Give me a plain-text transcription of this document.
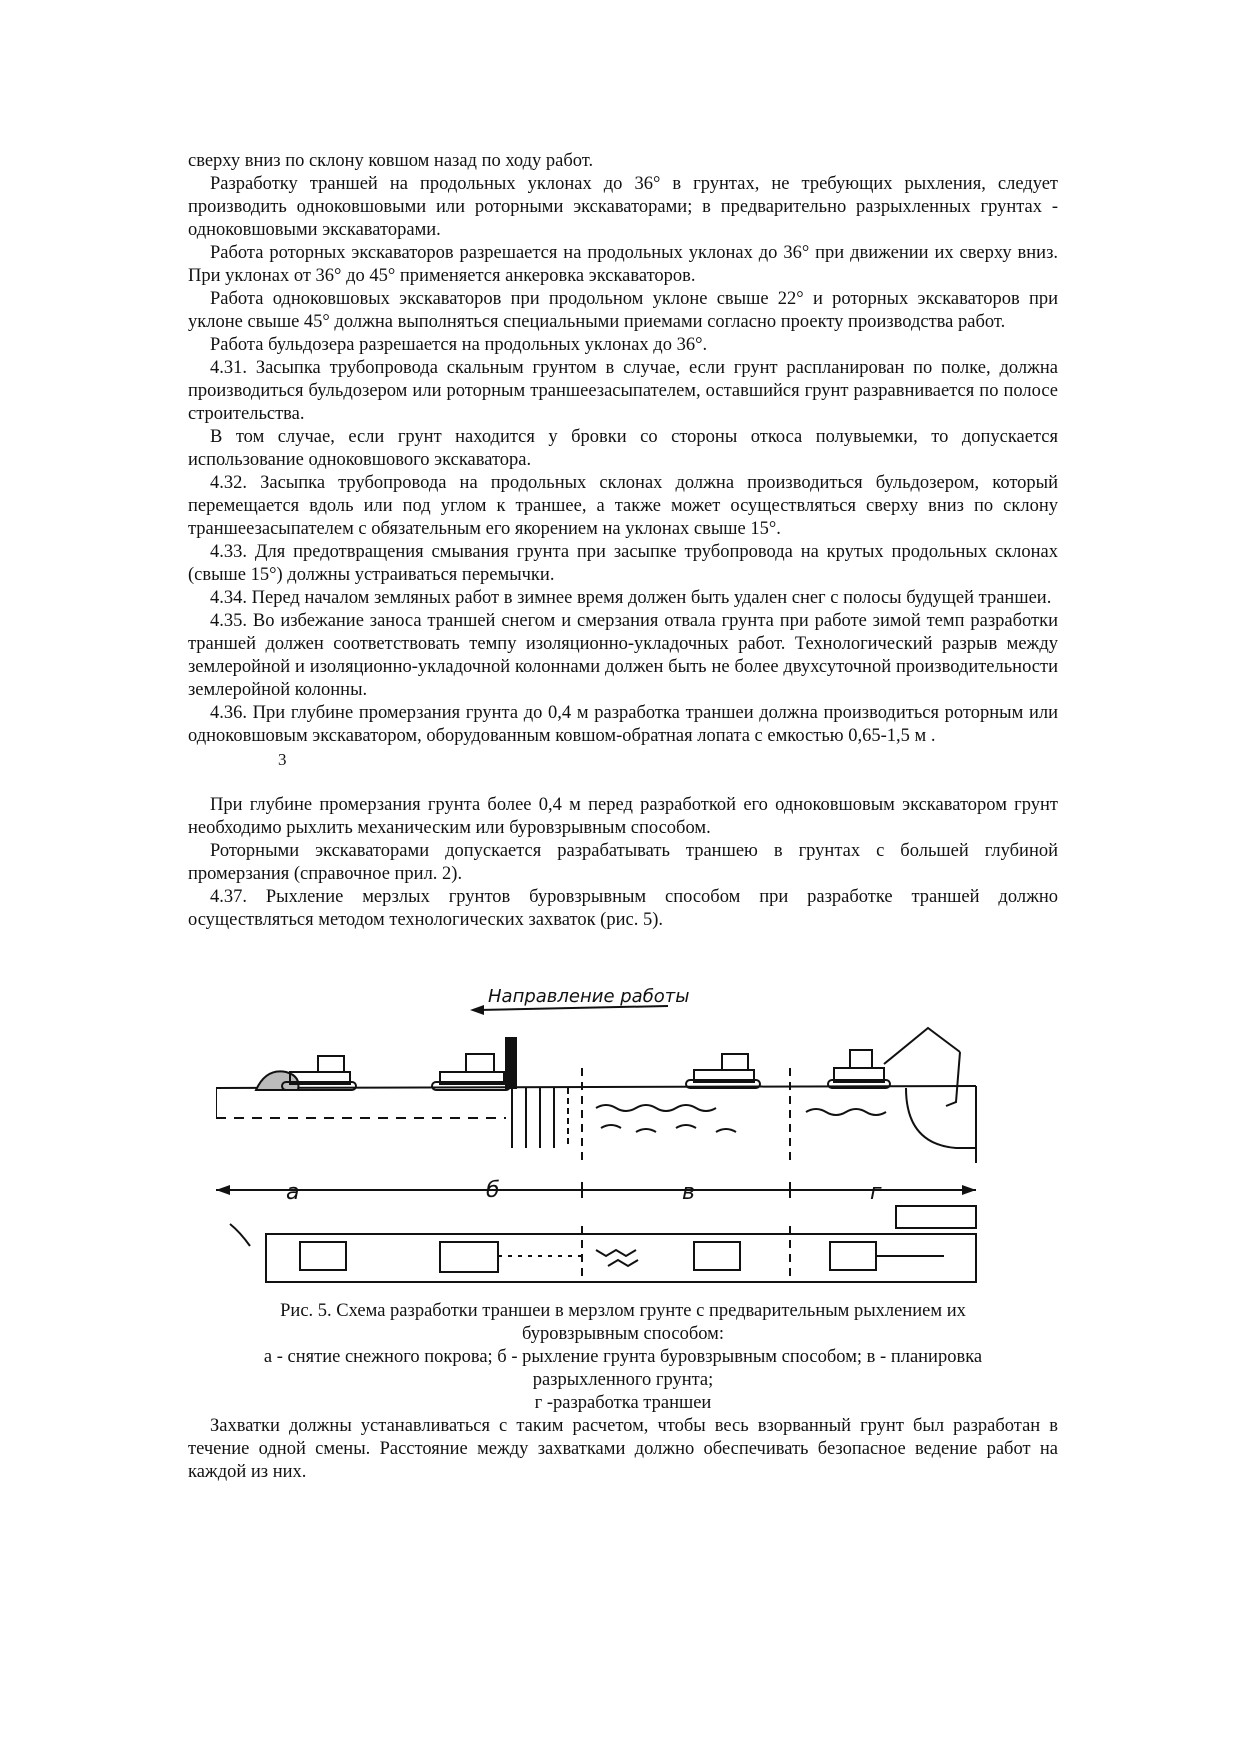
сверху вниз по склону ковшом назад по ходу работ.

Разработку траншей на продольных уклонах до 36° в грунтах, не требующих рыхления, следует производить одноковшовыми или роторными экскаваторами; в предварительно разрыхленных грунтах - одноковшовыми экскаваторами.

Работа роторных экскаваторов разрешается на продольных уклонах до 36° при движении их сверху вниз. При уклонах от 36° до 45° применяется анкеровка экскаваторов.

Работа одноковшовых экскаваторов при продольном уклоне свыше 22° и роторных экскаваторов при уклоне свыше 45° должна выполняться специальными приемами согласно проекту производства работ.

Работа бульдозера разрешается на продольных уклонах до 36°.

4.31. Засыпка трубопровода скальным грунтом в случае, если грунт распланирован по полке, должна производиться бульдозером или роторным траншеезасыпателем, оставшийся грунт разравнивается по полосе строительства.

В том случае, если грунт находится у бровки со стороны откоса полувыемки, то допускается использование одноковшового экскаватора.

4.32. Засыпка трубопровода на продольных склонах должна производиться бульдозером, который перемещается вдоль или под углом к траншее, а также может осуществляться сверху вниз по склону траншеезасыпателем с обязательным его якорением на уклонах свыше 15°.

4.33. Для предотвращения смывания грунта при засыпке трубопровода на крутых продольных склонах (свыше 15°) должны устраиваться перемычки.

4.34. Перед началом земляных работ в зимнее время должен быть удален снег с полосы будущей траншеи.

4.35. Во избежание заноса траншей снегом и смерзания отвала грунта при работе зимой темп разработки траншей должен соответствовать темпу изоляционно-укладочных работ. Технологический разрыв между землеройной и изоляционно-укладочной колоннами должен быть не более двухсуточной производительности землеройной колонны.

4.36. При глубине промерзания грунта до 0,4 м разработка траншеи должна производиться роторным или одноковшовым экскаватором, оборудованным ковшом-обратная лопата с емкостью 0,65-1,5 м .

3

При глубине промерзания грунта более 0,4 м перед разработкой его одноковшовым экскаватором грунт необходимо рыхлить механическим или буровзрывным способом.

Роторными экскаваторами допускается разрабатывать траншею в грунтах с большей глубиной промерзания (справочное прил. 2).

4.37. Рыхление мерзлых грунтов буровзрывным способом при разработке траншей должно осуществляться методом технологических захваток (рис. 5).

Направление работы
а	б	в	г
Рис. 5. Схема разработки траншеи в мерзлом грунте с предварительным рыхлением их
буровзрывным способом:
а - снятие снежного покрова; б - рыхление грунта буровзрывным способом; в - планировка
разрыхленного грунта;
г -разработка траншеи

Захватки должны устанавливаться с таким расчетом, чтобы весь взорванный грунт был разработан в течение одной смены. Расстояние между захватками должно обеспечивать безопасное ведение работ на каждой из них.
